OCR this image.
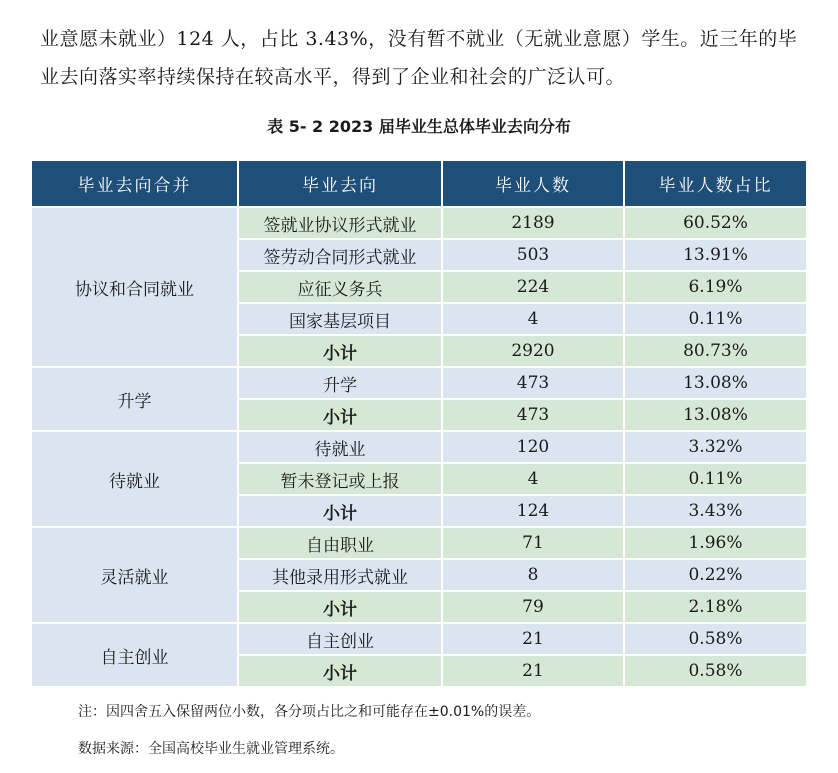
业意愿未就业）124 人，占比 3.43%，没有暂不就业（无就业意愿）学生。近三年的毕
业去向落实率持续保持在较高水平，得到了企业和社会的广泛认可。

表 5- 2 2023 届毕业生总体毕业去向分布
毕业去向合并	毕业去向	毕业人数	毕业人数占比
协议和合同就业	签就业协议形式就业	2189	60.52%
	签劳动合同形式就业	503	13.91%
	应征义务兵	224	6.19%
	国家基层项目	4	0.11%
	小计	2920	80.73%
升学	升学	473	13.08%
	小计	473	13.08%
待就业	待就业	120	3.32%
	暂未登记或上报	4	0.11%
	小计	124	3.43%
灵活就业	自由职业	71	1.96%
	其他录用形式就业	8	0.22%
	小计	79	2.18%
自主创业	自主创业	21	0.58%
	小计	21	0.58%

注：因四舍五入保留两位小数，各分项占比之和可能存在±0.01%的误差。

数据来源：全国高校毕业生就业管理系统。
